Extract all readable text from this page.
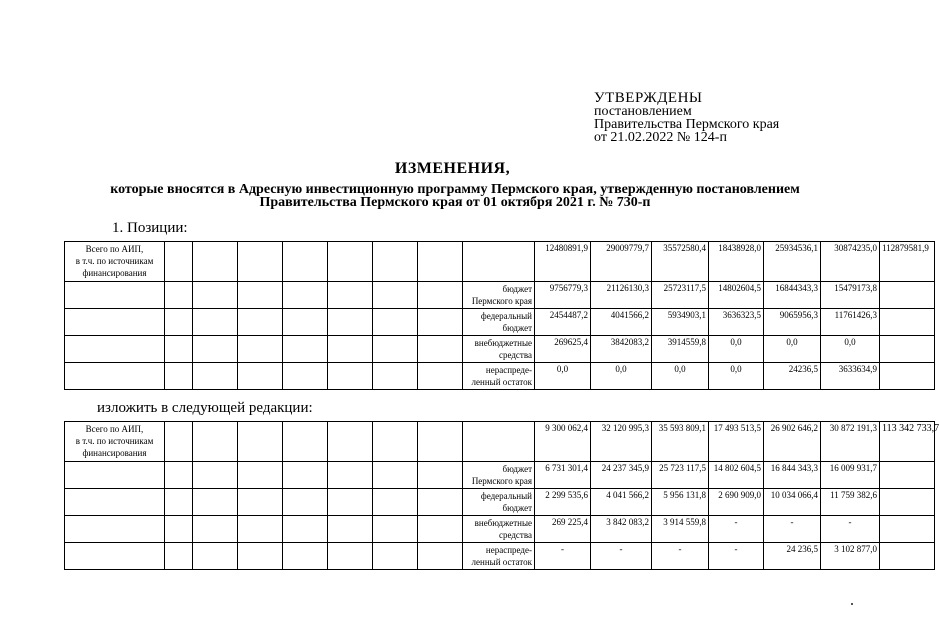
УТВЕРЖДЕНЫ
постановлением
Правительства Пермского края
от 21.02.2022 № 124-п
ИЗМЕНЕНИЯ,
которые вносятся в Адресную инвестиционную программу Пермского края, утвержденную постановлением
Правительства Пермского края от 01 октября 2021 г. № 730-п
1. Позиции:
Всего по АИП,
в т.ч. по источникам
финансирования									12480891,9	29009779,7	35572580,4	18438928,0	25934536,1	30874235,0	112879581,9

								бюджет
Пермского края	9756779,3	21126130,3	25723117,5	14802604,5	16844343,3	15479173,8	

								федеральный
бюджет	2454487,2	4041566,2	5934903,1	3636323,5	9065956,3	11761426,3	

								внебюджетные
средства	269625,4	3842083,2	3914559,8	0,0	0,0	0,0	

								нераспреде-
ленный остаток	0,0	0,0	0,0	0,0	24236,5	3633634,9	
изложить в следующей редакции:
Всего по АИП,
в т.ч. по источникам
финансирования									9 300 062,4	32 120 995,3	35 593 809,1	17 493 513,5	26 902 646,2	30 872 191,3	113 342 733,7

								бюджет
Пермского края	6 731 301,4	24 237 345,9	25 723 117,5	14 802 604,5	16 844 343,3	16 009 931,7	

								федеральный
бюджет	2 299 535,6	4 041 566,2	5 956 131,8	2 690 909,0	10 034 066,4	11 759 382,6	

								внебюджетные
средства	269 225,4	3 842 083,2	3 914 559,8	-	-	-	

								нераспреде-
ленный остаток	-	-	-	-	24 236,5	3 102 877,0	
